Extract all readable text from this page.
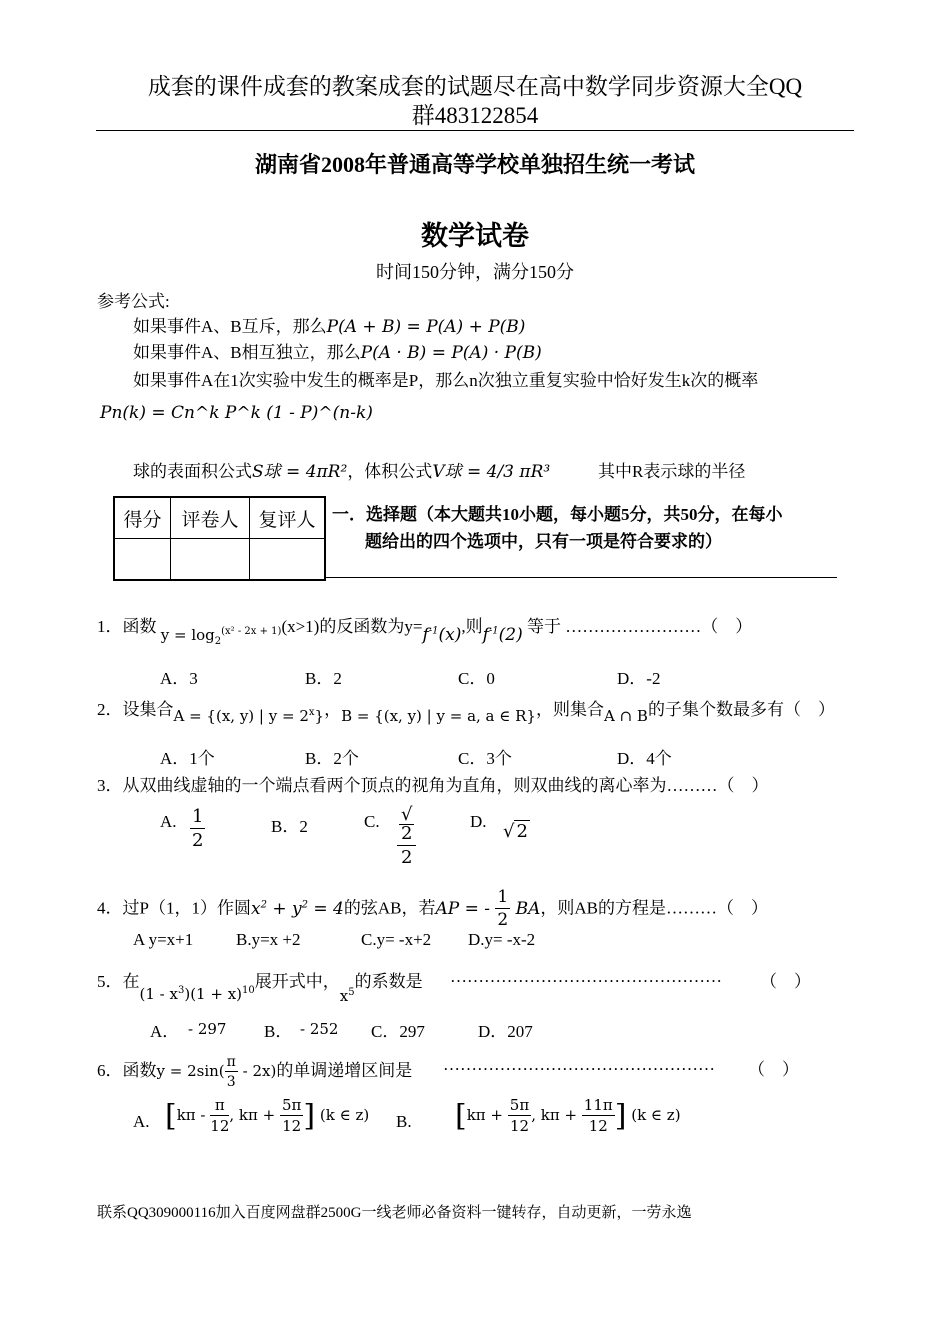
成套的课件成套的教案成套的试题尽在高中数学同步资源大全QQ
群483122854
湖南省2008年普通高等学校单独招生统一考试
数学试卷
时间150分钟，满分150分
参考公式:
如果事件A、B互斥，那么P(A + B) = P(A) + P(B)
如果事件A、B相互独立，那么P(A · B) = P(A) · P(B)
如果事件A在1次实验中发生的概率是P，那么n次独立重复实验中恰好发生k次的概率
Pn(k) = Cn^k P^k (1 - P)^(n-k)
球的表面积公式S球 = 4πR²，体积公式V球 = 4/3 πR³	其中R表示球的半径
得分	评卷人	复评人
		一．选择题（本大题共10小题，每小题5分，共50分，在每小
题给出的四个选项中，只有一项是符合要求的）
1．函数 $y = \log_2^{(x^2 - 2x + 1)}(x>1)$的反函数为$y=f^{-1}(x)$,则$f^{-1}(2)$ 等于 ……………………（　）
A．3	B．2	C．0	D．-2
2．设集合A = {(x, y) | $y = 2^x$}，B = {(x, y) | y = a, a ∈ R}，则集合A ∩ B的子集个数最多有（　）
A．1个	B．2个	C．3个	D．4个
3．从双曲线虚轴的一个端点看两个顶点的视角为直角，则双曲线的离心率为………（　）
A. $\frac{1}{2}$	B．2	C. √
2
2	D. √ 2
4．过P（1，1）作圆$x^2 + y^2 = 4$的弦AB，若AP = - $\frac{1}{2}$ BA，则AB的方程是………（　）
A y=x+1	B.y=x +2	C.y= -x+2 D.y= -x-2
5．在$(1 - x^3)(1 + x)^{10}$展开式中，$x^5$的系数是 ………………………………………… （　）
A． - 297 B． - 252 C．297	D．207
6．函数$y = 2\sin( \frac{\pi}{3} - 2x)$的单调递增区间是 ………………………………………… （　）
A. [$k\pi - \frac{\pi}{12}$ , $k\pi + \frac{5\pi}{12}$ ] (k ∈ z) B. [$k\pi + \frac{5\pi}{12}$ , $k\pi + \frac{11\pi}{12}$ ] (k ∈ z)
联系QQ309000116加入百度网盘群2500G一线老师必备资料一键转存，自动更新，一劳永逸
